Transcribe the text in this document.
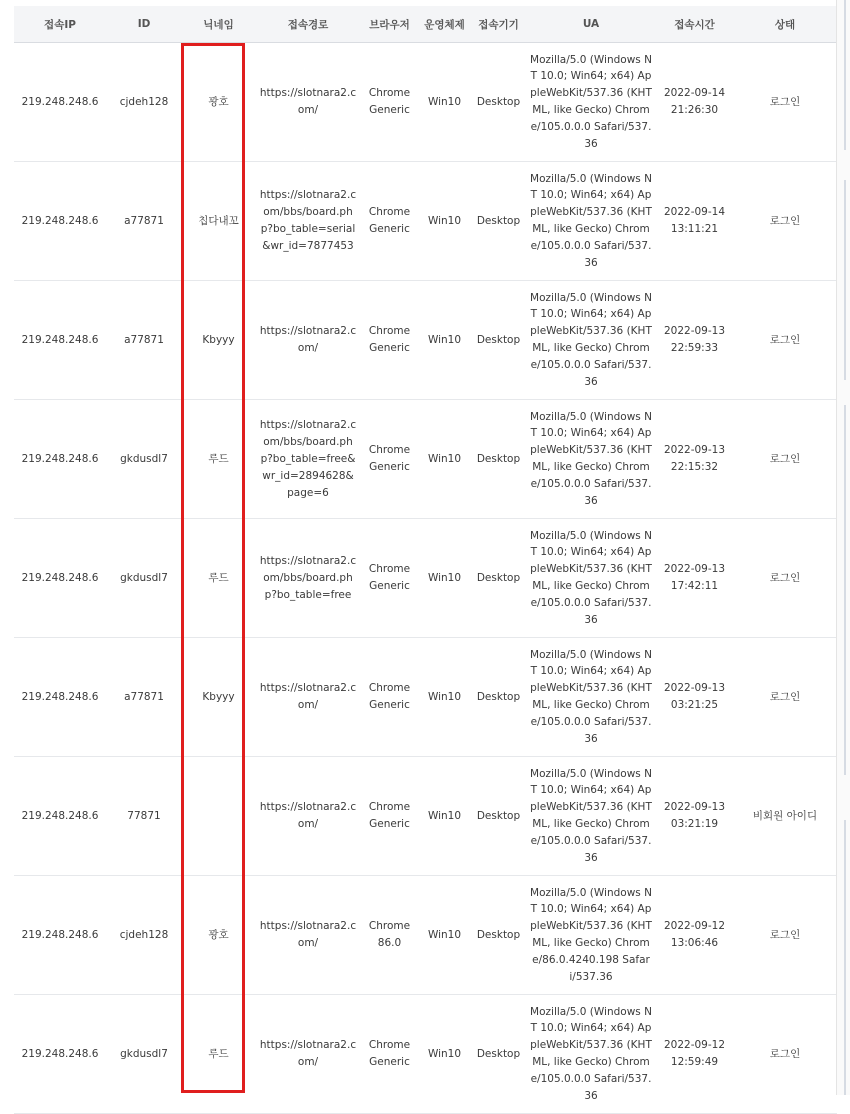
접속IP	ID	닉네임	접속경로	브라우저	운영체제	접속기기	UA	접속시간	상태
219.248.248.6	cjdeh128	꽝호	https://slotnara2.com/	Chrome Generic	Win10	Desktop	Mozilla/5.0 (Windows NT 10.0; Win64; x64) AppleWebKit/537.36 (KHTML, like Gecko) Chrome/105.0.0.0 Safari/537.36	2022-09-14 21:26:30	로그인
219.248.248.6	a77871	칩다내꼬	https://slotnara2.com/bbs/board.php?bo_table=serial&wr_id=7877453	Chrome Generic	Win10	Desktop	Mozilla/5.0 (Windows NT 10.0; Win64; x64) AppleWebKit/537.36 (KHTML, like Gecko) Chrome/105.0.0.0 Safari/537.36	2022-09-14 13:11:21	로그인
219.248.248.6	a77871	Kbyyy	https://slotnara2.com/	Chrome Generic	Win10	Desktop	Mozilla/5.0 (Windows NT 10.0; Win64; x64) AppleWebKit/537.36 (KHTML, like Gecko) Chrome/105.0.0.0 Safari/537.36	2022-09-13 22:59:33	로그인
219.248.248.6	gkdusdl7	루드	https://slotnara2.com/bbs/board.php?bo_table=free&wr_id=2894628&page=6	Chrome Generic	Win10	Desktop	Mozilla/5.0 (Windows NT 10.0; Win64; x64) AppleWebKit/537.36 (KHTML, like Gecko) Chrome/105.0.0.0 Safari/537.36	2022-09-13 22:15:32	로그인
219.248.248.6	gkdusdl7	루드	https://slotnara2.com/bbs/board.php?bo_table=free	Chrome Generic	Win10	Desktop	Mozilla/5.0 (Windows NT 10.0; Win64; x64) AppleWebKit/537.36 (KHTML, like Gecko) Chrome/105.0.0.0 Safari/537.36	2022-09-13 17:42:11	로그인
219.248.248.6	a77871	Kbyyy	https://slotnara2.com/	Chrome Generic	Win10	Desktop	Mozilla/5.0 (Windows NT 10.0; Win64; x64) AppleWebKit/537.36 (KHTML, like Gecko) Chrome/105.0.0.0 Safari/537.36	2022-09-13 03:21:25	로그인
219.248.248.6	77871		https://slotnara2.com/	Chrome Generic	Win10	Desktop	Mozilla/5.0 (Windows NT 10.0; Win64; x64) AppleWebKit/537.36 (KHTML, like Gecko) Chrome/105.0.0.0 Safari/537.36	2022-09-13 03:21:19	비회원 아이디
219.248.248.6	cjdeh128	꽝호	https://slotnara2.com/	Chrome 86.0	Win10	Desktop	Mozilla/5.0 (Windows NT 10.0; Win64; x64) AppleWebKit/537.36 (KHTML, like Gecko) Chrome/86.0.4240.198 Safari/537.36	2022-09-12 13:06:46	로그인
219.248.248.6	gkdusdl7	루드	https://slotnara2.com/	Chrome Generic	Win10	Desktop	Mozilla/5.0 (Windows NT 10.0; Win64; x64) AppleWebKit/537.36 (KHTML, like Gecko) Chrome/105.0.0.0 Safari/537.36	2022-09-12 12:59:49	로그인
